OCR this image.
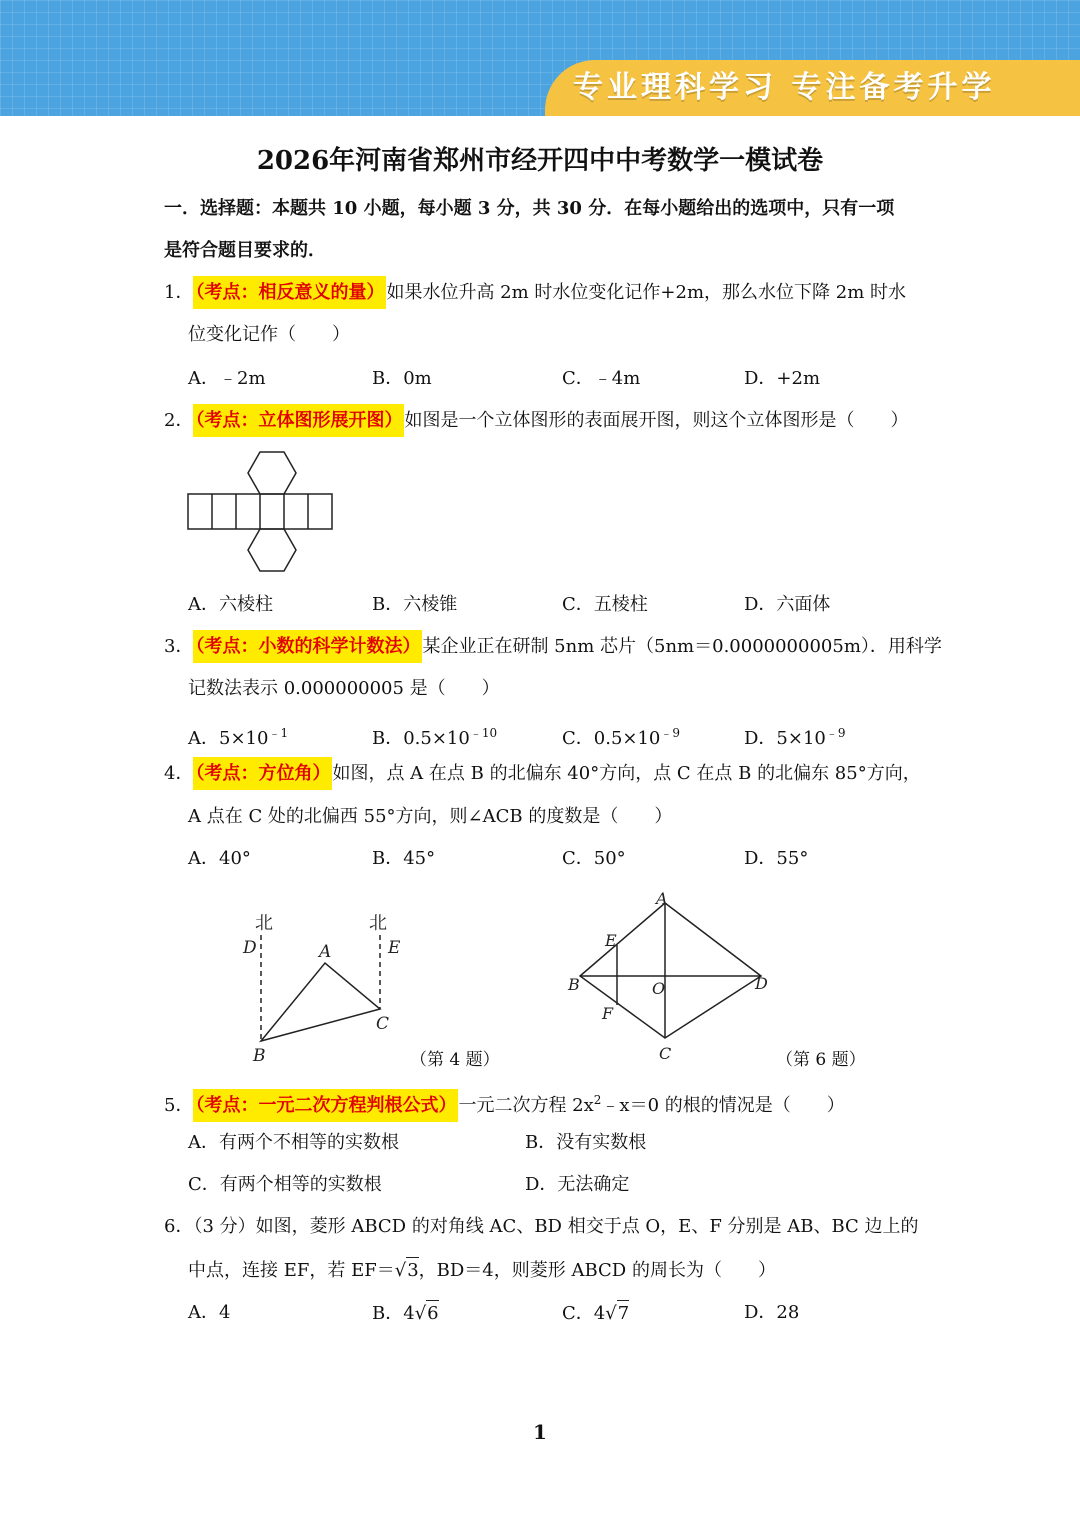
专业理科学习 专注备考升学
2026年河南省郑州市经开四中中考数学一模试卷
一．选择题：本题共 10 小题，每小题 3 分，共 30 分．在每小题给出的选项中，只有一项
是符合题目要求的．
1． （考点：相反意义的量） 如果水位升高 2m 时水位变化记作+2m，那么水位下降 2m 时水
位变化记作（　　）
A．﹣2m	B．0m	C．﹣4m	D．+2m
2． （考点：立体图形展开图） 如图是一个立体图形的表面展开图，则这个立体图形是（　　）
A．六棱柱	B．六棱锥	C．五棱柱	D．六面体
3． （考点：小数的科学计数法） 某企业正在研制 5nm 芯片（5nm＝0.0000000005m）．用科学
记数法表示 0.000000005 是（　　）
A．$5\times 10^{﹣1}$	B．$0.5\times 10^{﹣10}$	C．$0.5\times 10^{﹣9}$	D．$5\times 10^{﹣9}$
4． （考点：方位角） 如图，点 A 在点 B 的北偏东 40°方向，点 C 在点 B 的北偏东 85°方向，
A 点在 C 处的北偏西 55°方向，则∠ACB 的度数是（　　）
A．40°	B．45°	C．50°	D．55°
北	北
D	E
A
B
C
（第 4 题）
A
B
C
D
E
F
O
（第 6 题）
5． （考点：一元二次方程判根公式） 一元二次方程 $2x^2﹣x=0$ 的根的情况是（　　）
A．有两个不相等的实数根	B．没有实数根
C．有两个相等的实数根	D．无法确定
6．（3 分）如图，菱形 ABCD 的对角线 AC、BD 相交于点 O，E、F 分别是 AB、BC 边上的
中点，连接 EF，若 EF＝√3，BD＝4，则菱形 ABCD 的周长为（　　）
A．4	B．4√6	C．4√7	D．28
1
